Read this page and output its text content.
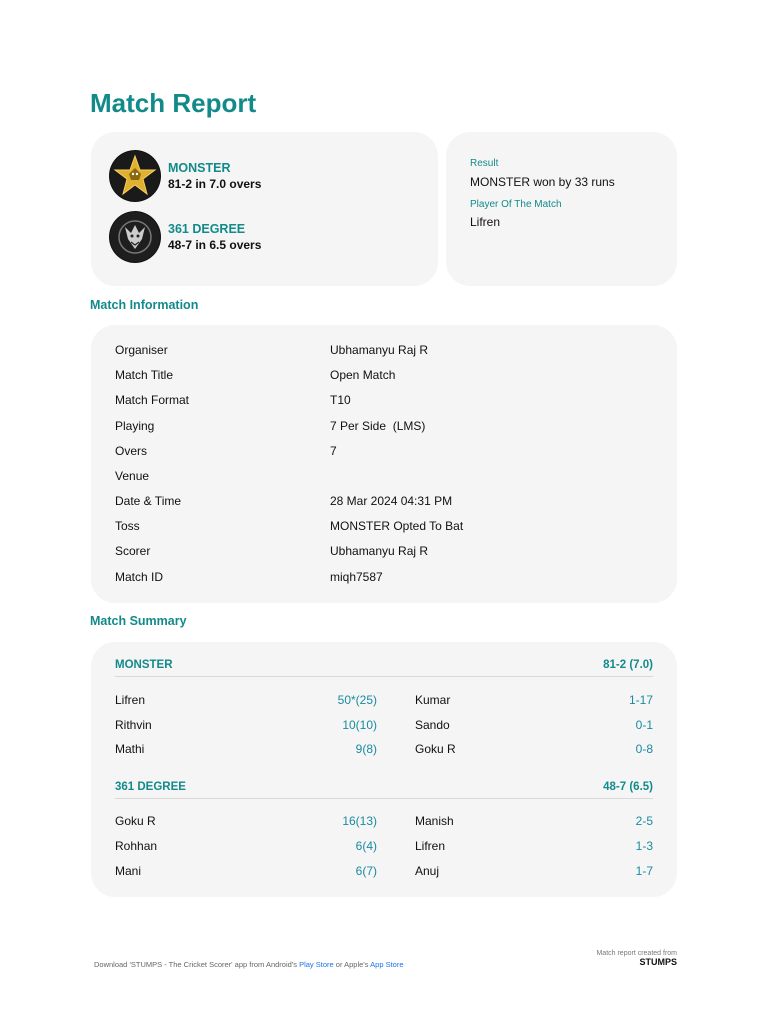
Match Report
MONSTER
81-2 in 7.0 overs
361 DEGREE
48-7 in 6.5 overs
Result
MONSTER won by 33 runs
Player Of The Match
Lifren
Match Information
Organiser	Ubhamanyu Raj R
Match Title	Open Match
Match Format	T10
Playing	7 Per Side  (LMS)
Overs	7
Venue
Date & Time	28 Mar 2024 04:31 PM
Toss	MONSTER Opted To Bat
Scorer	Ubhamanyu Raj R
Match ID	miqh7587
Match Summary
MONSTER	81-2 (7.0)
Lifren	50*(25)	Kumar	1-17
Rithvin	10(10)	Sando	0-1
Mathi	9(8)	Goku R	0-8
361 DEGREE	48-7 (6.5)
Goku R	16(13)	Manish	2-5
Rohhan	6(4)	Lifren	1-3
Mani	6(7)	Anuj	1-7
Download 'STUMPS - The Cricket Scorer' app from Android's Play Store or Apple's App Store
Match report created from
STUMPS
